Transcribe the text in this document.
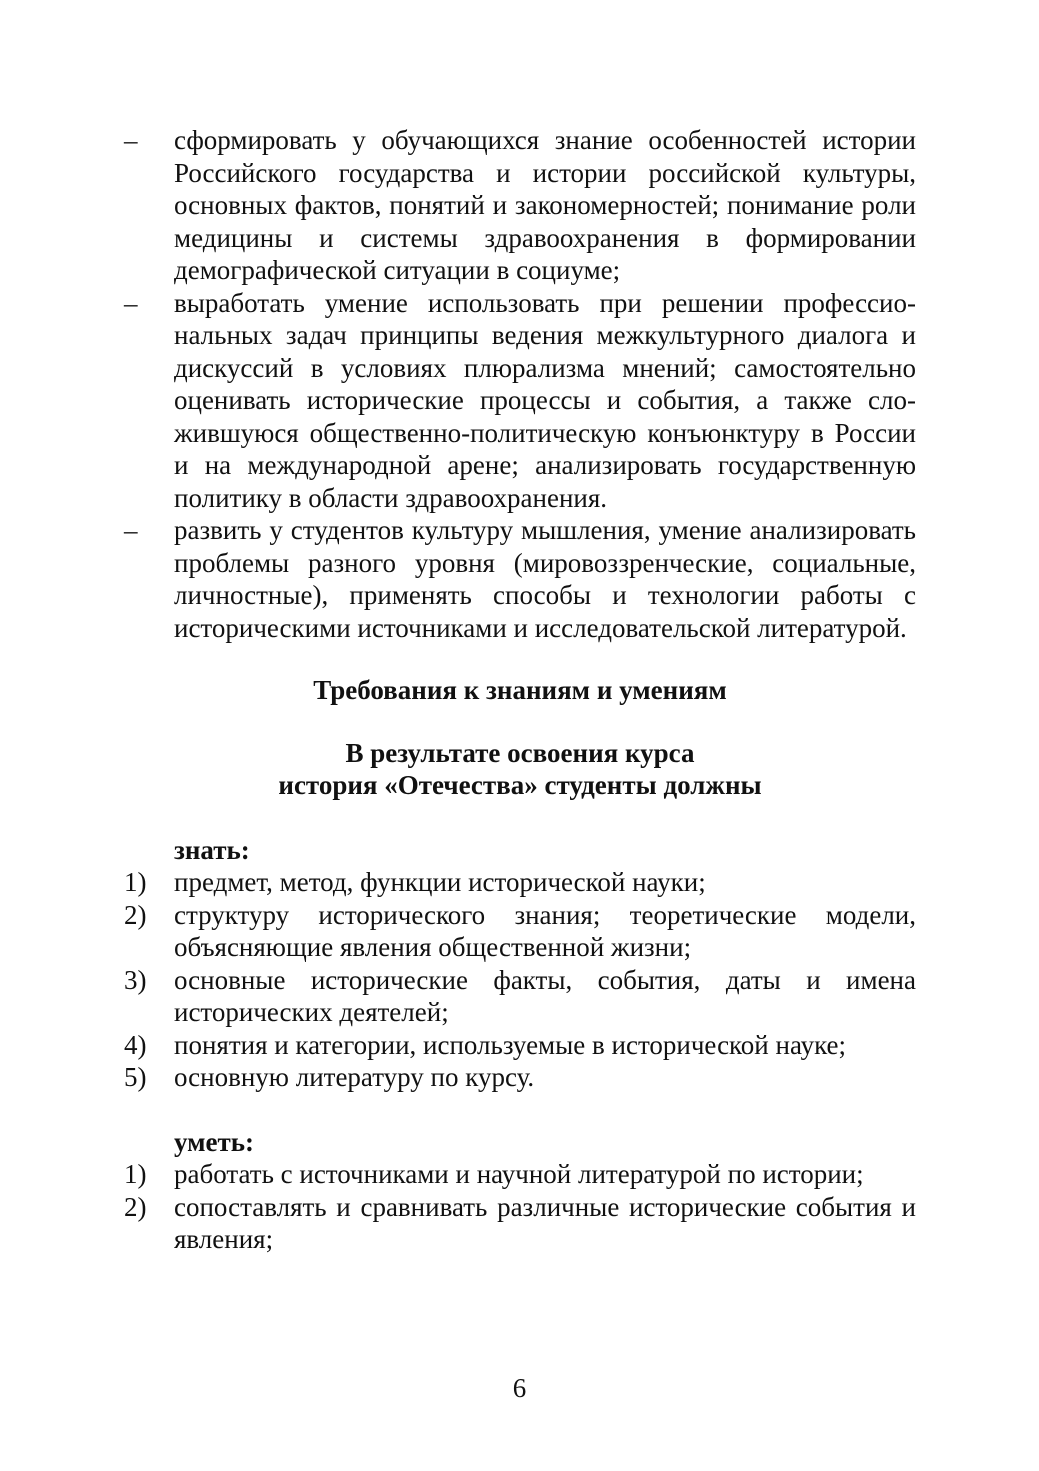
–	сформировать у обучающихся знание особенностей истории Российского государства и истории российской культуры, основных фактов, понятий и закономерностей; понимание роли медицины и системы здравоохранения в формировании демографической ситуации в социуме;
–	выработать умение использовать при решении профессиональных задач принципы ведения межкультурного диалога и дискуссий в условиях плюрализма мнений; самостоятельно оценивать исторические процессы и события, а также сложившуюся общественно-политическую конъюнктуру в России и на международной арене; анализировать государственную политику в области здравоохранения.
–	развить у студентов культуру мышления, умение анализировать проблемы разного уровня (мировоззренческие, социальные, личностные), применять способы и технологии работы с историческими источниками и исследовательской литературой.
Требования к знаниям и умениям
В результате освоения курса
история «Отечества» студенты должны
знать:
1)	предмет, метод, функции исторической науки;
2)	структуру исторического знания; теоретические модели, объясняющие явления общественной жизни;
3)	основные исторические факты, события, даты и имена исторических деятелей;
4)	понятия и категории, используемые в исторической науке;
5)	основную литературу по курсу.
уметь:
1)	работать с источниками и научной литературой по истории;
2)	сопоставлять и сравнивать различные исторические события и явления;
6
